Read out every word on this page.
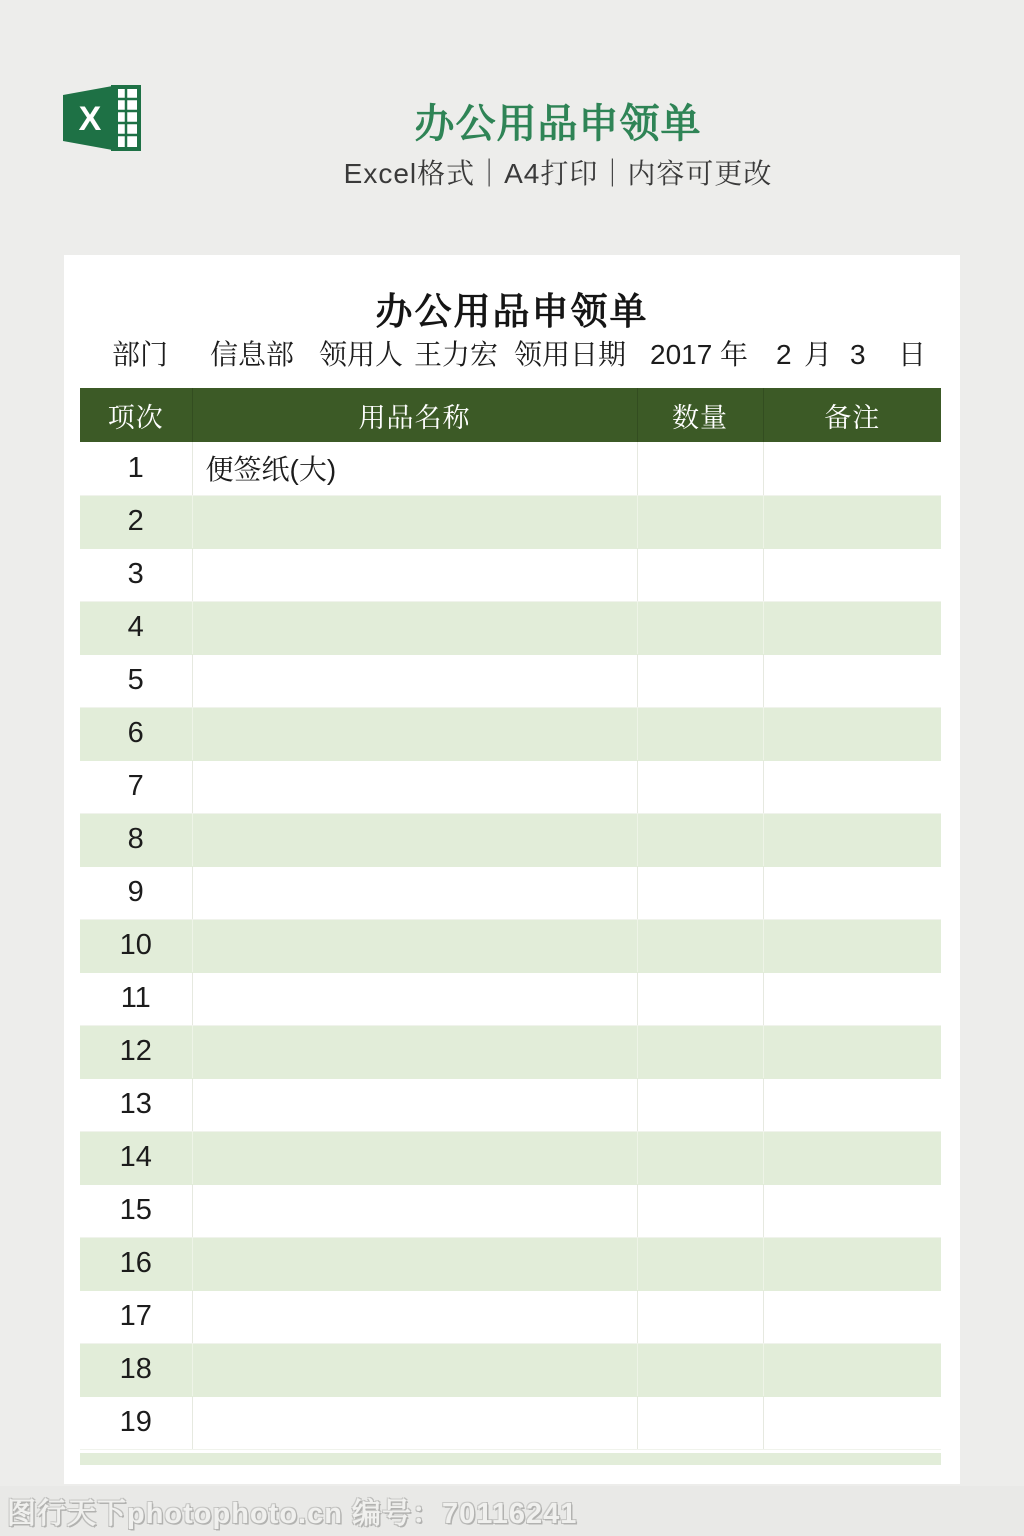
X	办公用品申领单

Excel格式｜A4打印｜内容可更改

办公用品申领单
部门 信息部 领用人 王力宏 领用日期 2017 年 2 月 3 日
项次	用品名称	数量	备注
1	便签纸(大)		
2			
3			
4			
5			
6			
7			
8			
9			
10			
11			
12			
13			
14			
15			
16			
17			
18			
19			
图行天下photophoto.cn 编号：70116241
